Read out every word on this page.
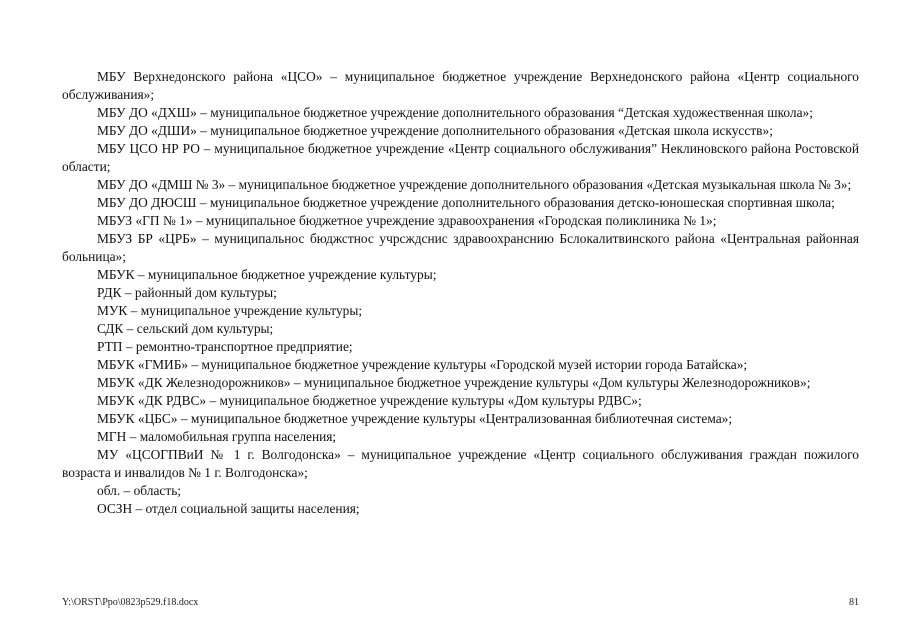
МБУ Верхнедонского района «ЦСО» – муниципальное бюджетное учреждение Верхнедонского района «Центр социального обслуживания»;

МБУ ДО «ДХШ» – муниципальное бюджетное учреждение дополнительного образования “Детская художественная школа»;

МБУ ДО «ДШИ» – муниципальное бюджетное учреждение дополнительного образования «Детская школа искусств»;

МБУ ЦСО НР РО – муниципальное бюджетное учреждение «Центр социального обслуживания” Неклиновского района Ростовской области;

МБУ ДО «ДМШ № 3» – муниципальное бюджетное учреждение дополнительного образования «Детская музыкальная школа № 3»;

МБУ ДО ДЮСШ – муниципальное бюджетное учреждение дополнительного образования детско-юношеская спортивная школа;

МБУЗ «ГП № 1» – муниципальное бюджетное учреждение здравоохранения «Городская поликлиника № 1»;

МБУЗ БР «ЦРБ» – муниципальнос бюджстнос учрсждснис здравоохранснию Бслокалитвинского района «Центральная районная больница»;

МБУК – муниципальное бюджетное учреждение культуры;

РДК – районный дом культуры;

МУК – муниципальное учреждение культуры;

СДК – сельский дом культуры;

РТП – ремонтно-транспортное предприятие;

МБУК «ГМИБ» – муниципальное бюджетное учреждение культуры «Городской музей истории города Батайска»;

МБУК «ДК Железнодорожников» – муниципальное бюджетное учреждение культуры «Дом культуры Железнодорожников»;

МБУК «ДК РДВС» – муниципальное бюджетное учреждение культуры «Дом культуры РДВС»;

МБУК «ЦБС» – муниципальное бюджетное учреждение культуры «Централизованная библиотечная система»;

МГН – маломобильная группа населения;

МУ «ЦСОГПВиИ № 1 г. Волгодонска» – муниципальное учреждение «Центр социального обслуживания граждан пожилого возраста и инвалидов № 1 г. Волгодонска»;

обл. – область;

ОСЗН – отдел социальной защиты населения;

Y:\ORST\Ppo\0823p529.f18.docx	81
